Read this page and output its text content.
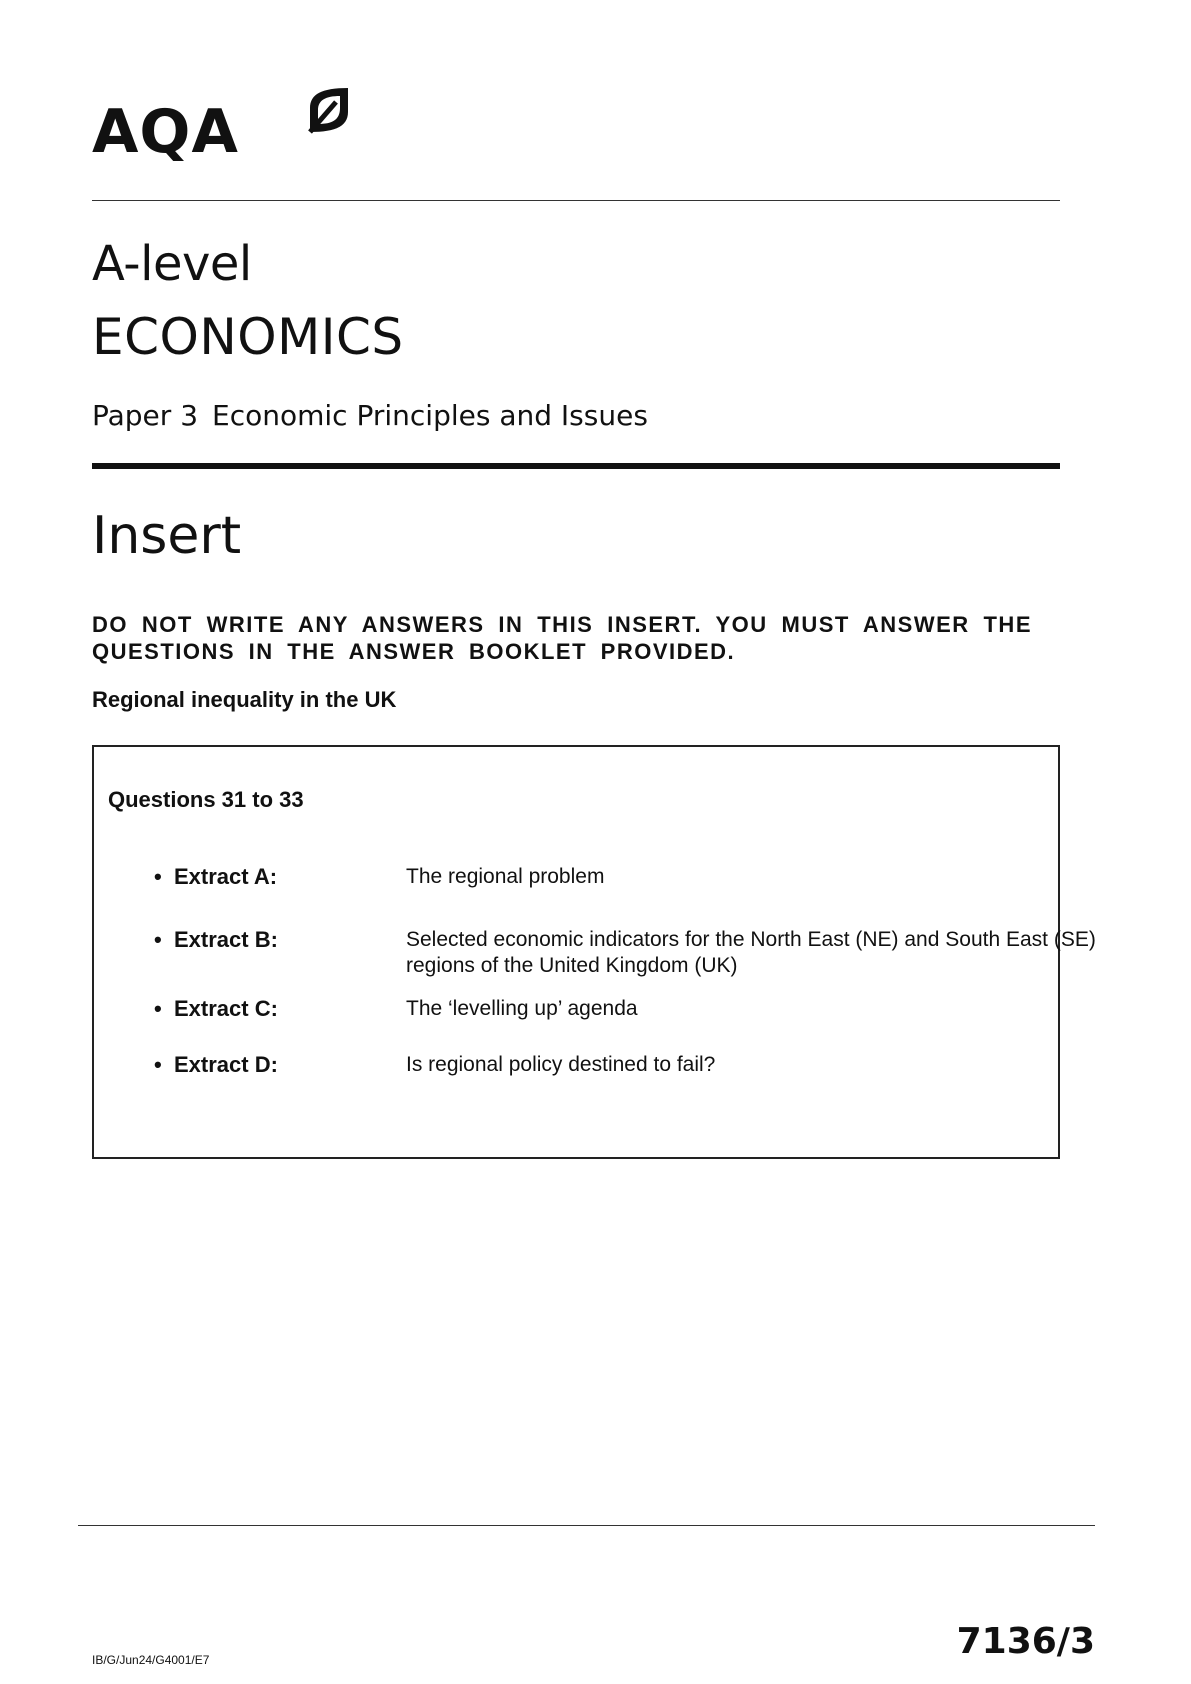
AQA
A-level
ECONOMICS
Paper 3 Economic Principles and Issues
Insert
DO NOT WRITE ANY ANSWERS IN THIS INSERT. YOU MUST ANSWER THE QUESTIONS IN THE ANSWER BOOKLET PROVIDED.
Regional inequality in the UK
Questions 31 to 33
• Extract A:	The regional problem
• Extract B:	Selected economic indicators for the North East (NE) and South East (SE) regions of the United Kingdom (UK)
• Extract C:	The ‘levelling up’ agenda
• Extract D:	Is regional policy destined to fail?
IB/G/Jun24/G4001/E7	7136/3
